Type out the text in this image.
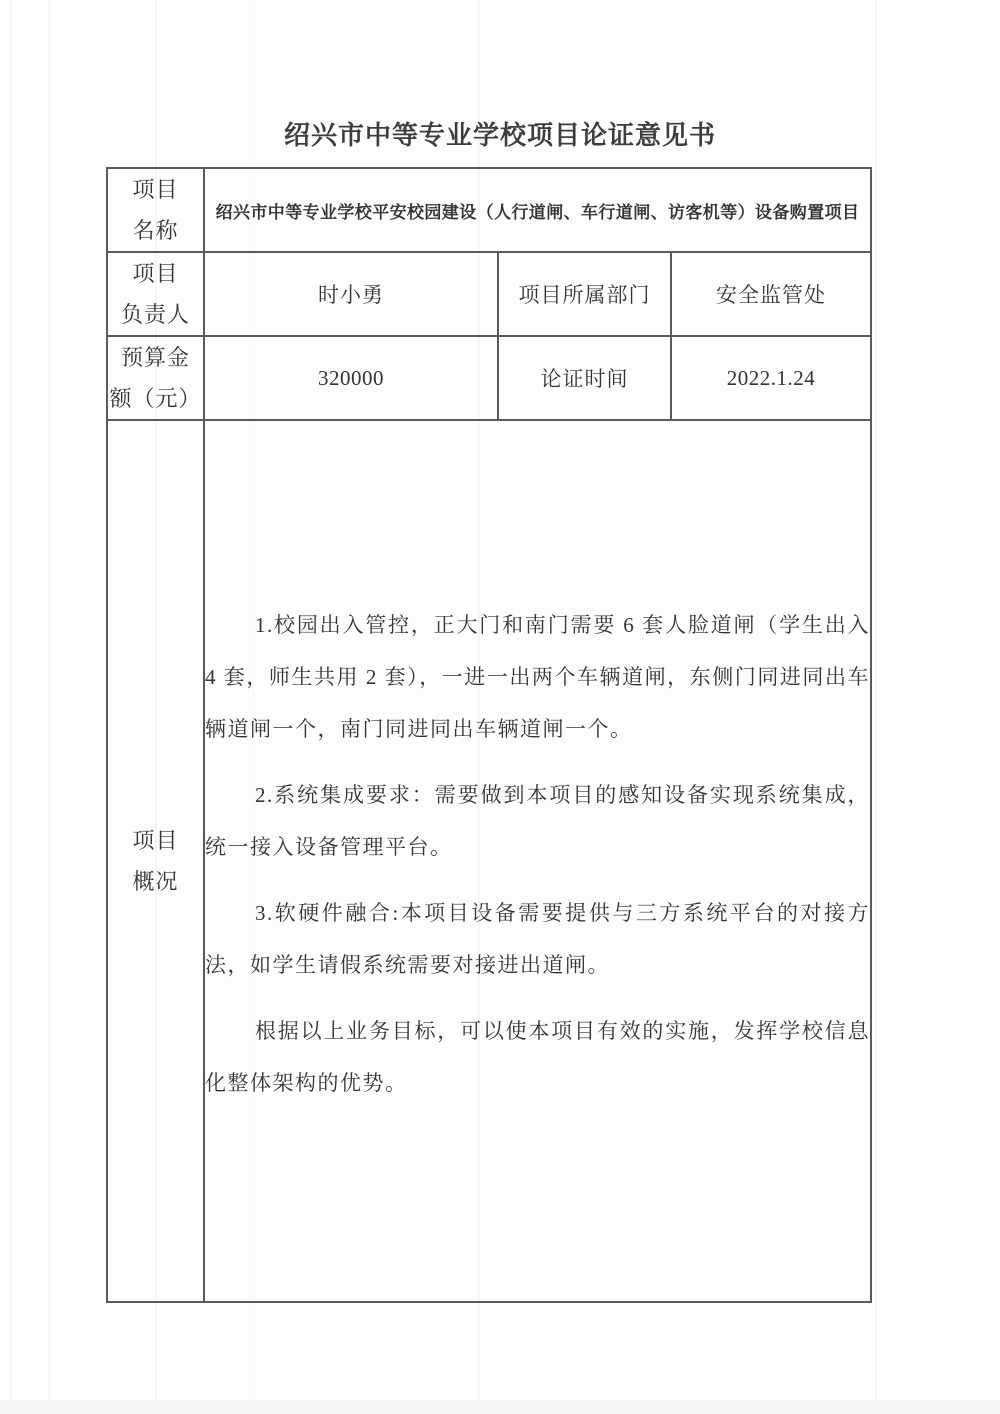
绍兴市中等专业学校项目论证意见书
项目
名称	绍兴市中等专业学校平安校园建设（人行道闸、车行道闸、访客机等）设备购置项目		

项目
负责人	时小勇	项目所属部门	安全监管处

预算金
额（元）	320000	论证时间	2022.1.24

项目
概况

1.校园出入管控，正大门和南门需要 6 套人脸道闸（学生出入 4 套，师生共用 2 套），一进一出两个车辆道闸，东侧门同进同出车辆道闸一个，南门同进同出车辆道闸一个。

2.系统集成要求：需要做到本项目的感知设备实现系统集成，统一接入设备管理平台。

3.软硬件融合:本项目设备需要提供与三方系统平台的对接方法，如学生请假系统需要对接进出道闸。

根据以上业务目标，可以使本项目有效的实施，发挥学校信息化整体架构的优势。
